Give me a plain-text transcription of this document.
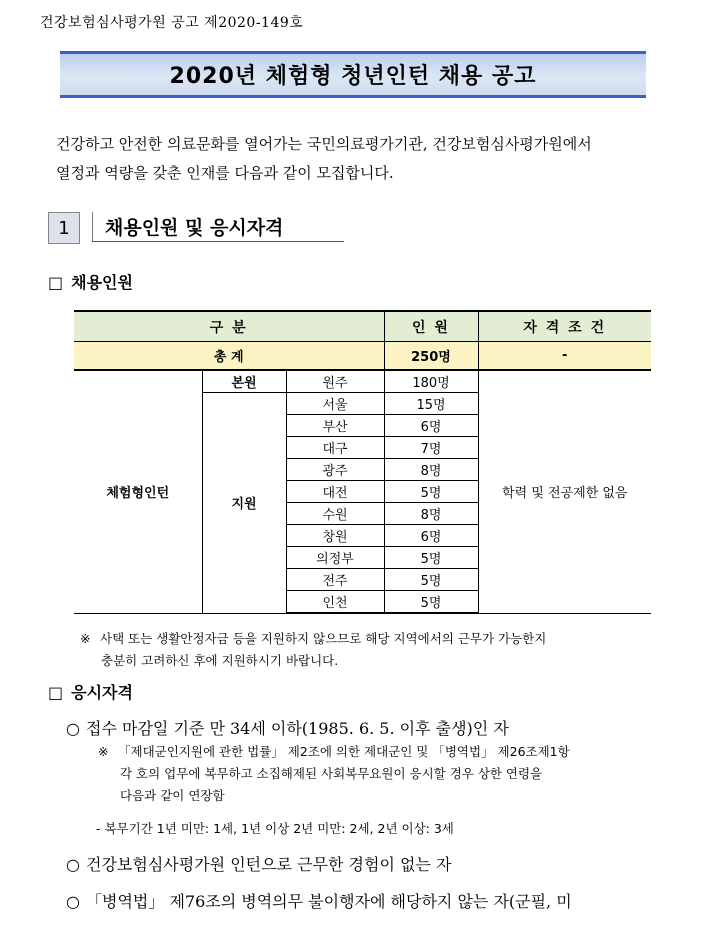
건강보험심사평가원 공고 제2020-149호
2020년 체험형 청년인턴 채용 공고
건강하고 안전한 의료문화를 열어가는 국민의료평가기관, 건강보험심사평가원에서
열정과 역량을 갖춘 인재를 다음과 같이 모집합니다.
1	채용인원 및 응시자격
□ 채용인원
구 분			인 원	자 격 조 건
총 계			250명	-
체험형인턴	본원	원주	180명	학력 및 전공제한 없음
	지원	서울	15명	
		부산	6명	
		대구	7명	
		광주	8명	
		대전	5명	
		수원	8명	
		창원	6명	
		의정부	5명	
		전주	5명	
		인천	5명	
※ 사택 또는 생활안정자금 등을 지원하지 않으므로 해당 지역에서의 근무가 가능한지
충분히 고려하신 후에 지원하시기 바랍니다.
□ 응시자격
○ 접수 마감일 기준 만 34세 이하(1985. 6. 5. 이후 출생)인 자
※ 「제대군인지원에 관한 법률」 제2조에 의한 제대군인 및 「병역법」 제26조제1항
각 호의 업무에 복무하고 소집해제된 사회복무요원이 응시할 경우 상한 연령을
다음과 같이 연장함
- 복무기간 1년 미만: 1세, 1년 이상 2년 미만: 2세, 2년 이상: 3세
○ 건강보험심사평가원 인턴으로 근무한 경험이 없는 자
○ 「병역법」 제76조의 병역의무 불이행자에 해당하지 않는 자(군필, 미
